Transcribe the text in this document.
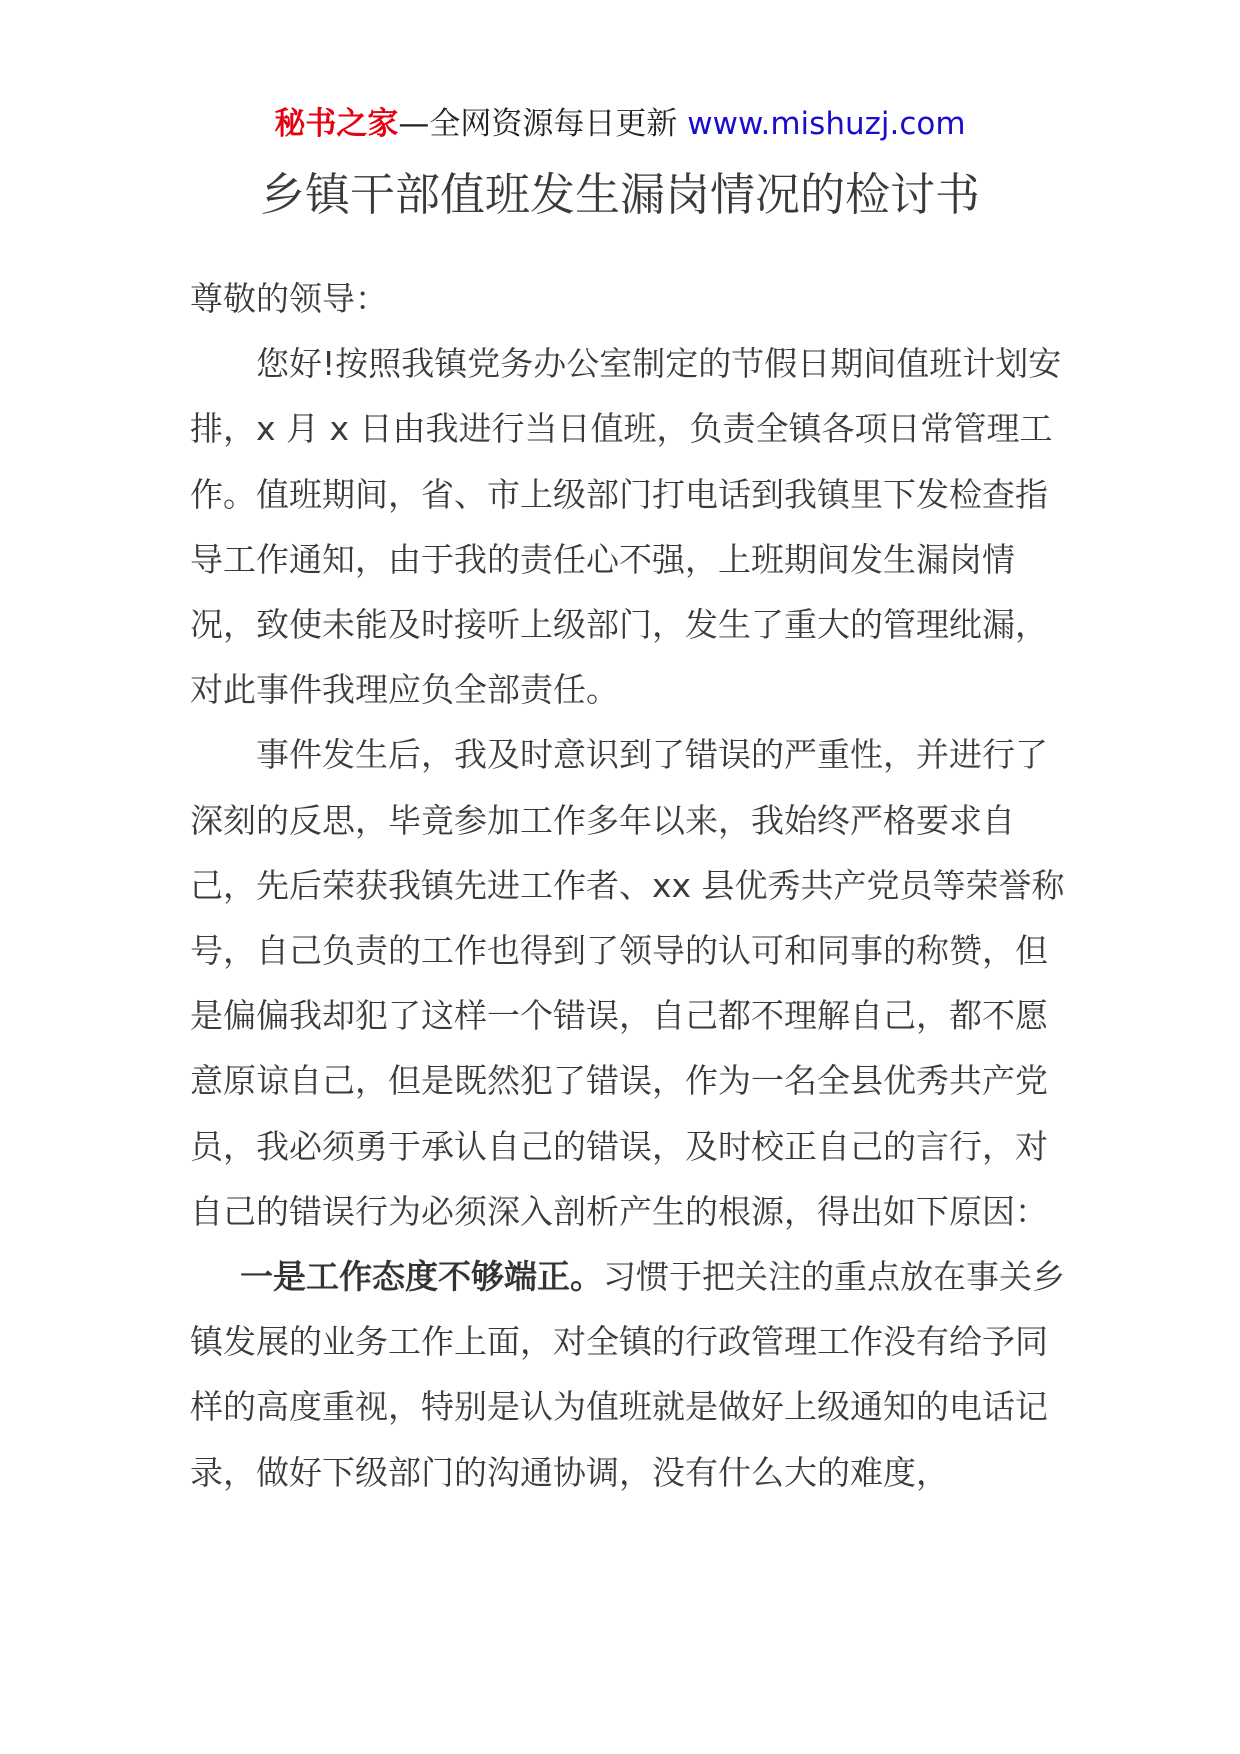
秘书之家—全网资源每日更新 www.mishuzj.com
乡镇干部值班发生漏岗情况的检讨书

尊敬的领导：

您好!按照我镇党务办公室制定的节假日期间值班计划安排，x 月 x 日由我进行当日值班，负责全镇各项日常管理工作。值班期间，省、市上级部门打电话到我镇里下发检查指导工作通知，由于我的责任心不强，上班期间发生漏岗情况，致使未能及时接听上级部门，发生了重大的管理纰漏，对此事件我理应负全部责任。

事件发生后，我及时意识到了错误的严重性，并进行了深刻的反思，毕竟参加工作多年以来，我始终严格要求自己，先后荣获我镇先进工作者、xx 县优秀共产党员等荣誉称号，自己负责的工作也得到了领导的认可和同事的称赞，但是偏偏我却犯了这样一个错误，自己都不理解自己，都不愿意原谅自己，但是既然犯了错误，作为一名全县优秀共产党员，我必须勇于承认自己的错误，及时校正自己的言行，对自己的错误行为必须深入剖析产生的根源，得出如下原因：

一是工作态度不够端正。习惯于把关注的重点放在事关乡镇发展的业务工作上面，对全镇的行政管理工作没有给予同样的高度重视，特别是认为值班就是做好上级通知的电话记录，做好下级部门的沟通协调，没有什么大的难度，
